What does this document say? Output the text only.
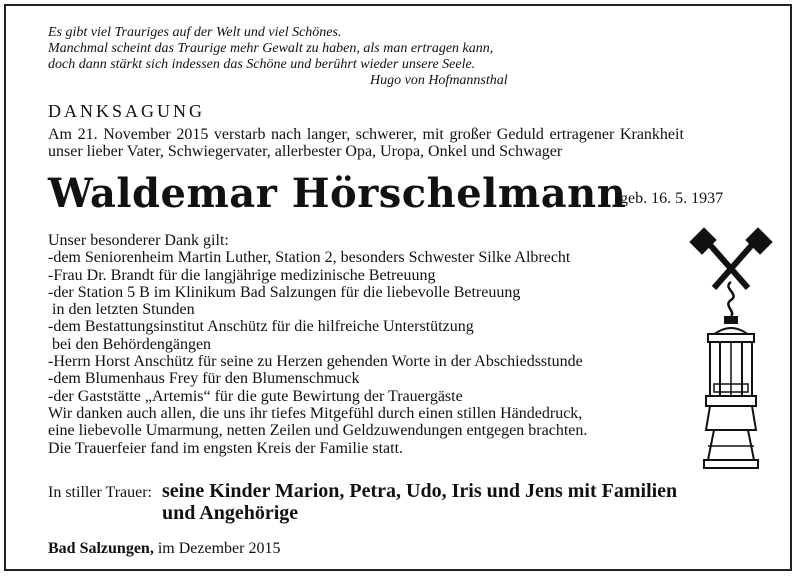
Es gibt viel Trauriges auf der Welt und viel Schönes.
Manchmal scheint das Traurige mehr Gewalt zu haben, als man ertragen kann,
doch dann stärkt sich indessen das Schöne und berührt wieder unsere Seele.
Hugo von Hofmannsthal
DANKSAGUNG
Am 21. November 2015 verstarb nach langer, schwerer, mit großer Geduld ertragener Krankheit
unser lieber Vater, Schwiegervater, allerbester Opa, Uropa, Onkel und Schwager
Waldemar Hörschelmann
geb. 16. 5. 1937
Unser besonderer Dank gilt:
-dem Seniorenheim Martin Luther, Station 2, besonders Schwester Silke Albrecht
-Frau Dr. Brandt für die langjährige medizinische Betreuung
-der Station 5 B im Klinikum Bad Salzungen für die liebevolle Betreuung
in den letzten Stunden
-dem Bestattungsinstitut Anschütz für die hilfreiche Unterstützung
bei den Behördengängen
-Herrn Horst Anschütz für seine zu Herzen gehenden Worte in der Abschiedsstunde
-dem Blumenhaus Frey für den Blumenschmuck
-der Gaststätte „Artemis“ für die gute Bewirtung der Trauergäste
Wir danken auch allen, die uns ihr tiefes Mitgefühl durch einen stillen Händedruck,
eine liebevolle Umarmung, netten Zeilen und Geldzuwendungen entgegen brachten.
Die Trauerfeier fand im engsten Kreis der Familie statt.
In stiller Trauer: seine Kinder Marion, Petra, Udo, Iris und Jens mit Familien
und Angehörige
Bad Salzungen, im Dezember 2015
